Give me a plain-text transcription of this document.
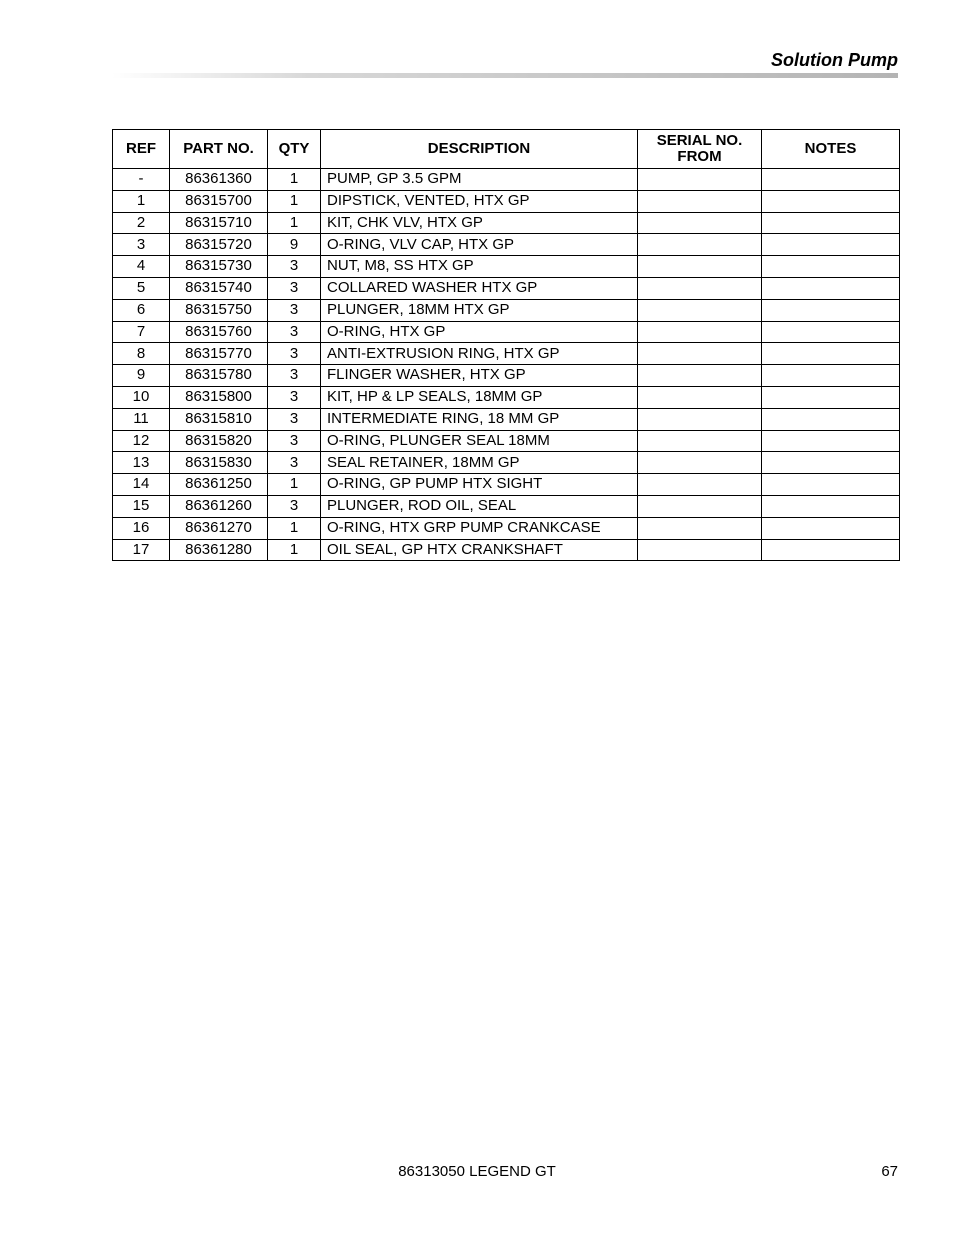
Solution Pump
REF	PART NO.	QTY	DESCRIPTION	SERIAL NO. FROM	NOTES
-	86361360	1	PUMP, GP 3.5 GPM		
1	86315700	1	DIPSTICK, VENTED, HTX GP		
2	86315710	1	KIT, CHK VLV, HTX GP		
3	86315720	9	O-RING, VLV CAP, HTX GP		
4	86315730	3	NUT, M8, SS HTX GP		
5	86315740	3	COLLARED WASHER HTX GP		
6	86315750	3	PLUNGER, 18MM HTX GP		
7	86315760	3	O-RING, HTX GP		
8	86315770	3	ANTI-EXTRUSION RING, HTX GP		
9	86315780	3	FLINGER WASHER, HTX GP		
10	86315800	3	KIT, HP & LP SEALS, 18MM GP		
11	86315810	3	INTERMEDIATE RING, 18 MM GP		
12	86315820	3	O-RING, PLUNGER SEAL 18MM		
13	86315830	3	SEAL RETAINER, 18MM GP		
14	86361250	1	O-RING, GP PUMP HTX SIGHT		
15	86361260	3	PLUNGER, ROD OIL, SEAL		
16	86361270	1	O-RING, HTX GRP PUMP CRANKCASE		
17	86361280	1	OIL SEAL, GP HTX CRANKSHAFT		
86313050 LEGEND GT	67
